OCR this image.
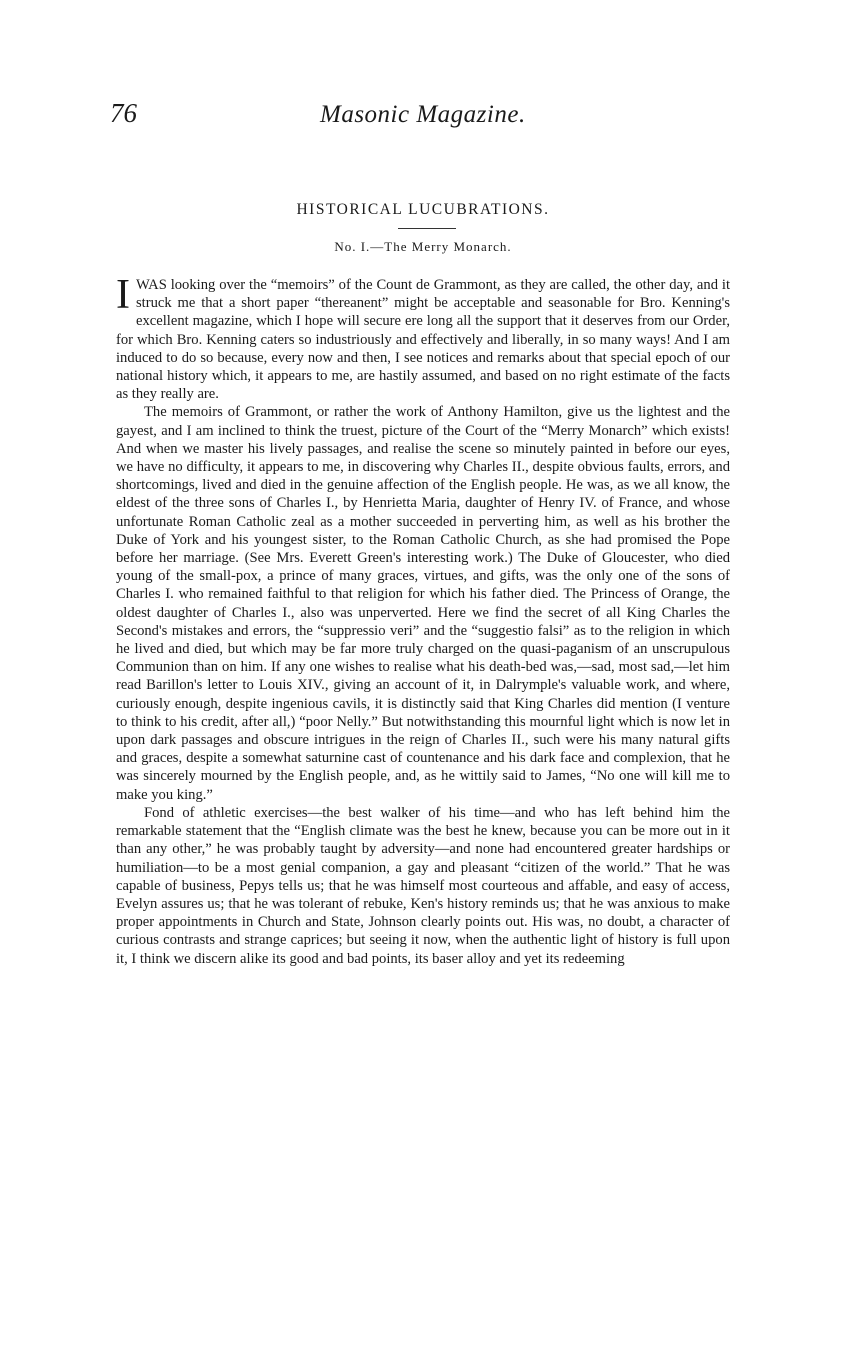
76	Masonic Magazine.
HISTORICAL LUCUBRATIONS.
No. I.—The Merry Monarch.

IWAS looking over the “memoirs” of the Count de Grammont, as they are called, the other day, and it struck me that a short paper “thereanent” might be acceptable and seasonable for Bro. Kenning's excellent magazine, which I hope will secure ere long all the support that it deserves from our Order, for which Bro. Kenning caters so industriously and effectively and liberally, in so many ways! And I am induced to do so because, every now and then, I see notices and remarks about that special epoch of our national history which, it appears to me, are hastily assumed, and based on no right estimate of the facts as they really are.

The memoirs of Grammont, or rather the work of Anthony Hamilton, give us the lightest and the gayest, and I am inclined to think the truest, picture of the Court of the “Merry Monarch” which exists! And when we master his lively passages, and realise the scene so minutely painted in before our eyes, we have no difficulty, it appears to me, in discovering why Charles II., despite obvious faults, errors, and shortcomings, lived and died in the genuine affection of the English people. He was, as we all know, the eldest of the three sons of Charles I., by Henrietta Maria, daughter of Henry IV. of France, and whose unfortunate Roman Catholic zeal as a mother succeeded in perverting him, as well as his brother the Duke of York and his youngest sister, to the Roman Catholic Church, as she had promised the Pope before her marriage. (See Mrs. Everett Green's interesting work.) The Duke of Gloucester, who died young of the small-pox, a prince of many graces, virtues, and gifts, was the only one of the sons of Charles I. who remained faithful to that religion for which his father died. The Princess of Orange, the oldest daughter of Charles I., also was unperverted. Here we find the secret of all King Charles the Second's mistakes and errors, the “suppressio veri” and the “suggestio falsi” as to the religion in which he lived and died, but which may be far more truly charged on the quasi-paganism of an unscrupulous Communion than on him. If any one wishes to realise what his death-bed was,—sad, most sad,—let him read Barillon's letter to Louis XIV., giving an account of it, in Dalrymple's valuable work, and where, curiously enough, despite ingenious cavils, it is distinctly said that King Charles did mention (I venture to think to his credit, after all,) “poor Nelly.” But notwithstanding this mournful light which is now let in upon dark passages and obscure intrigues in the reign of Charles II., such were his many natural gifts and graces, despite a somewhat saturnine cast of countenance and his dark face and complexion, that he was sincerely mourned by the English people, and, as he wittily said to James, “No one will kill me to make you king.”

Fond of athletic exercises—the best walker of his time—and who has left behind him the remarkable statement that the “English climate was the best he knew, because you can be more out in it than any other,” he was probably taught by adversity—and none had encountered greater hardships or humiliation—to be a most genial companion, a gay and pleasant “citizen of the world.” That he was capable of business, Pepys tells us; that he was himself most courteous and affable, and easy of access, Evelyn assures us; that he was tolerant of rebuke, Ken's history reminds us; that he was anxious to make proper appointments in Church and State, Johnson clearly points out. His was, no doubt, a character of curious contrasts and strange caprices; but seeing it now, when the authentic light of history is full upon it, I think we discern alike its good and bad points, its baser alloy and yet its redeeming
